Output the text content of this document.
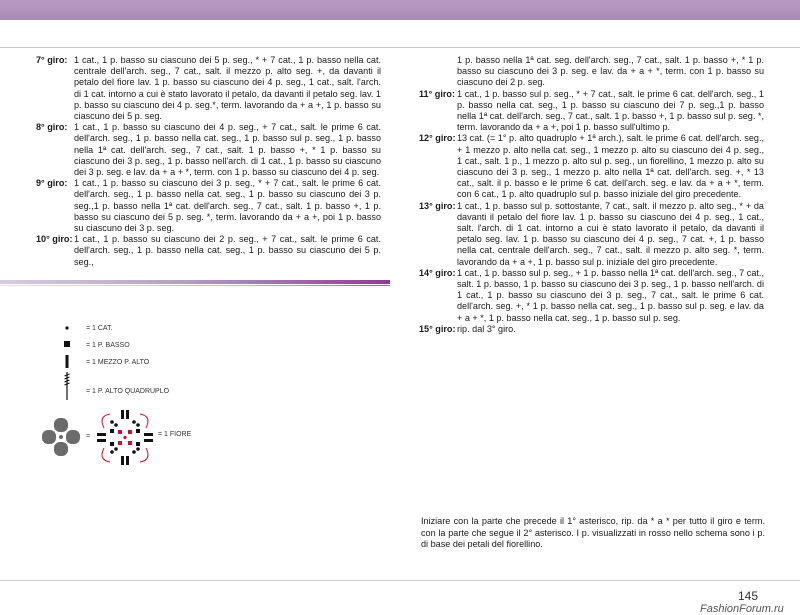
7° giro: 1 cat., 1 p. basso su ciascuno dei 5 p. seg., * + 7 cat., 1 p. basso nella cat. centrale dell'arch. seg., 7 cat., salt. il mezzo p. alto seg. +, da davanti il petalo del fiore lav. 1 p. basso su ciascuno dei 4 p. seg., 1 cat., salt. l'arch. di 1 cat. intorno a cui è stato lavorato il petalo, da davanti il petalo seg. lav. 1 p. basso su ciascuno dei 4 p. seg.*, term. lavorando da + a +, 1 p. basso su ciascuno dei 5 p. seg.
8° giro: 1 cat., 1 p. basso su ciascuno dei 4 p. seg., + 7 cat., salt. le prime 6 cat. dell'arch. seg., 1 p. basso nella cat. seg., 1 p. basso sul p. seg., 1 p. basso nella 1ª cat. dell'arch. seg., 7 cat., salt. 1 p. basso +, * 1 p. basso su ciascuno dei 3 p. seg., 1 p. basso nell'arch. di 1 cat., 1 p. basso su ciascuno dei 3 p. seg. e lav. da + a + *, term. con 1 p. basso su ciascuno dei 4 p. seg.
9° giro: 1 cat., 1 p. basso su ciascuno dei 3 p. seg., * + 7 cat., salt. le prime 6 cat. dell'arch. seg., 1 p. basso nella cat. seg., 1 p. basso su ciascuno dei 3 p. seg.,1 p. basso nella 1ª cat. dell'arch. seg., 7 cat., salt. 1 p. basso +, 1 p. basso su ciascuno dei 5 p. seg. *, term. lavorando da + a +, poi 1 p. basso su ciascuno dei 3 p. seg.
10° giro: 1 cat., 1 p. basso su ciascuno dei 2 p. seg., + 7 cat., salt. le prime 6 cat. dell'arch. seg., 1 p. basso nella cat. seg., 1 p. basso su ciascuno dei 5 p. seg.,
= 1 CAT.
= 1 P. BASSO
= 1 MEZZO P. ALTO
= 1 P. ALTO QUADRUPLO
=	= 1 FIORE
1 p. basso nella 1ª cat. seg. dell'arch. seg., 7 cat., salt. 1 p. basso +, * 1 p. basso su ciascuno dei 3 p. seg. e lav. da + a + *, term. con 1 p. basso su ciascuno dei 2 p. seg.
11° giro: 1 cat., 1 p. basso sul p. seg., * + 7 cat., salt. le prime 6 cat. dell'arch. seg., 1 p. basso nella cat. seg., 1 p. basso su ciascuno dei 7 p. seg.,1 p. basso nella 1ª cat. dell'arch. seg., 7 cat., salt. 1 p. basso +, 1 p. basso sul p. seg. *, term. lavorando da + a +, poi 1 p. basso sull'ultimo p.
12° giro: 13 cat. (= 1° p. alto quadruplo + 1ª arch.), salt. le prime 6 cat. dell'arch. seg., + 1 mezzo p. alto nella cat. seg., 1 mezzo p. alto su ciascuno dei 4 p. seg., 1 cat., salt. 1 p., 1 mezzo p. alto sul p. seg., un fiorellino, 1 mezzo p. alto su ciascuno dei 3 p. seg., 1 mezzo p. alto nella 1ª cat. dell'arch. seg. +, * 13 cat., salt. il p. basso e le prime 6 cat. dell'arch. seg. e lav. da + a + *, term. con 6 cat., 1 p. alto quadruplo sul p. basso iniziale del giro precedente.
13° giro: 1 cat., 1 p. basso sul p. sottostante, 7 cat., salt. il mezzo p. alto seg., * + da davanti il petalo del fiore lav. 1 p. basso su ciascuno dei 4 p. seg., 1 cat., salt. l'arch. di 1 cat. intorno a cui è stato lavorato il petalo, da davanti il petalo seg. lav. 1 p. basso su ciascuno dei 4 p. seg., 7 cat. +, 1 p. basso nella cat. centrale dell'arch. seg., 7 cat., salt. il mezzo p. alto seg. *, term. lavorando da + a +, 1 p. basso sul p. iniziale del giro precedente.
14° giro: 1 cat., 1 p. basso sul p. seg., + 1 p. basso nella 1ª cat. dell'arch. seg., 7 cat., salt. 1 p. basso, 1 p. basso su ciascuno dei 3 p. seg., 1 p. basso nell'arch. di 1 cat., 1 p. basso su ciascuno dei 3 p. seg., 7 cat., salt. le prime 6 cat. dell'arch. seg. +, * 1 p. basso nella cat. seg., 1 p. basso sul p. seg. e lav. da + a + *, 1 p. basso nella cat. seg., 1 p. basso sul p. seg.
15° giro: rip. dal 3° giro.
Iniziare con la parte che precede il 1° asterisco, rip. da * a * per tutto il giro e term. con la parte che segue il 2° asterisco. I p. visualizzati in rosso nello schema sono i p. di base dei petali del fiorellino.
145
FashionForum.ru
